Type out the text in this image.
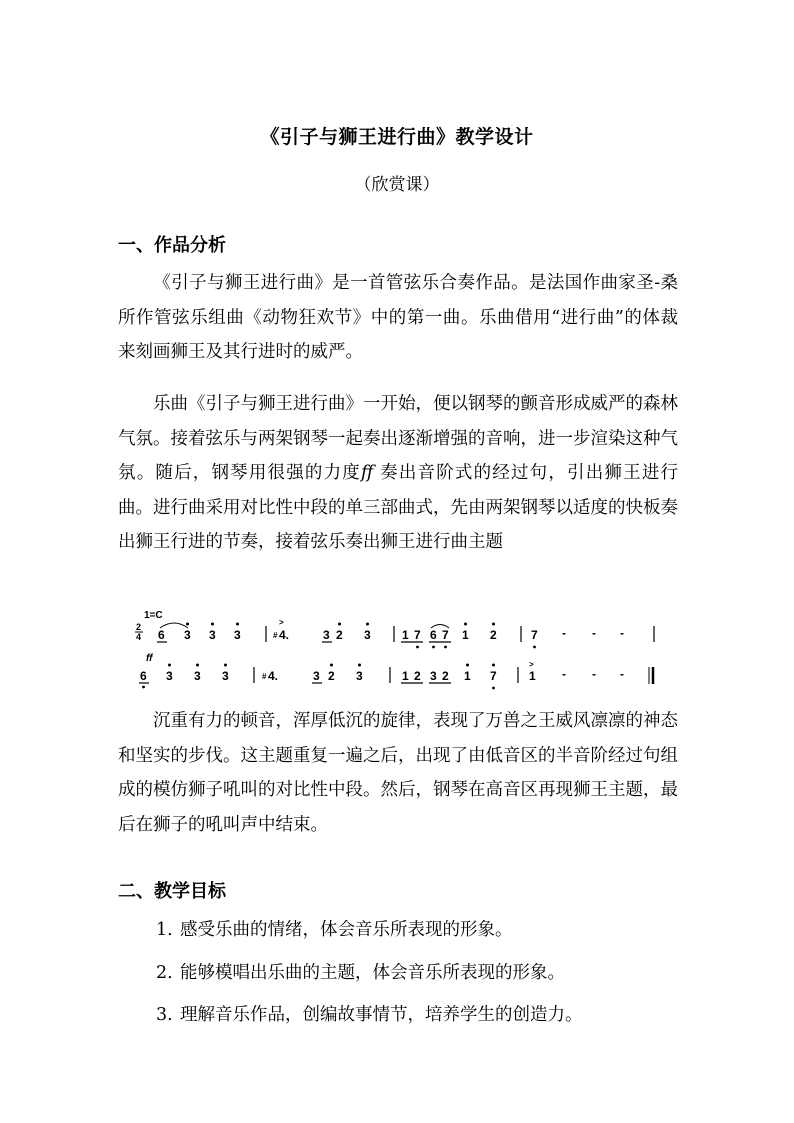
《引子与狮王进行曲》教学设计
（欣赏课）
一、作品分析
《引子与狮王进行曲》是一首管弦乐合奏作品。是法国作曲家圣-桑所作管弦乐组曲《动物狂欢节》中的第一曲。乐曲借用“进行曲”的体裁来刻画狮王及其行进时的威严。
乐曲《引子与狮王进行曲》一开始，便以钢琴的颤音形成威严的森林气氛。接着弦乐与两架钢琴一起奏出逐渐增强的音响，进一步渲染这种气氛。随后，钢琴用很强的力度ff 奏出音阶式的经过句，引出狮王进行曲。进行曲采用对比性中段的单三部曲式，先由两架钢琴以适度的快板奏出狮王行进的节奏，接着弦乐奏出狮王进行曲主题
1=C
2
4 6 3 3 3
>
# 4.	3 2 3	1 7 6 7 1 2	7 - - -
ff
6 3 3 3	# 4.	3 2 3	1 2 3 2 1 7
>
1 - - -
沉重有力的顿音，浑厚低沉的旋律，表现了万兽之王威风凛凛的神态和坚实的步伐。这主题重复一遍之后，出现了由低音区的半音阶经过句组成的模仿狮子吼叫的对比性中段。然后，钢琴在高音区再现狮王主题，最后在狮子的吼叫声中结束。
二、教学目标
1. 感受乐曲的情绪，体会音乐所表现的形象。
2. 能够模唱出乐曲的主题，体会音乐所表现的形象。
3. 理解音乐作品，创编故事情节，培养学生的创造力。
